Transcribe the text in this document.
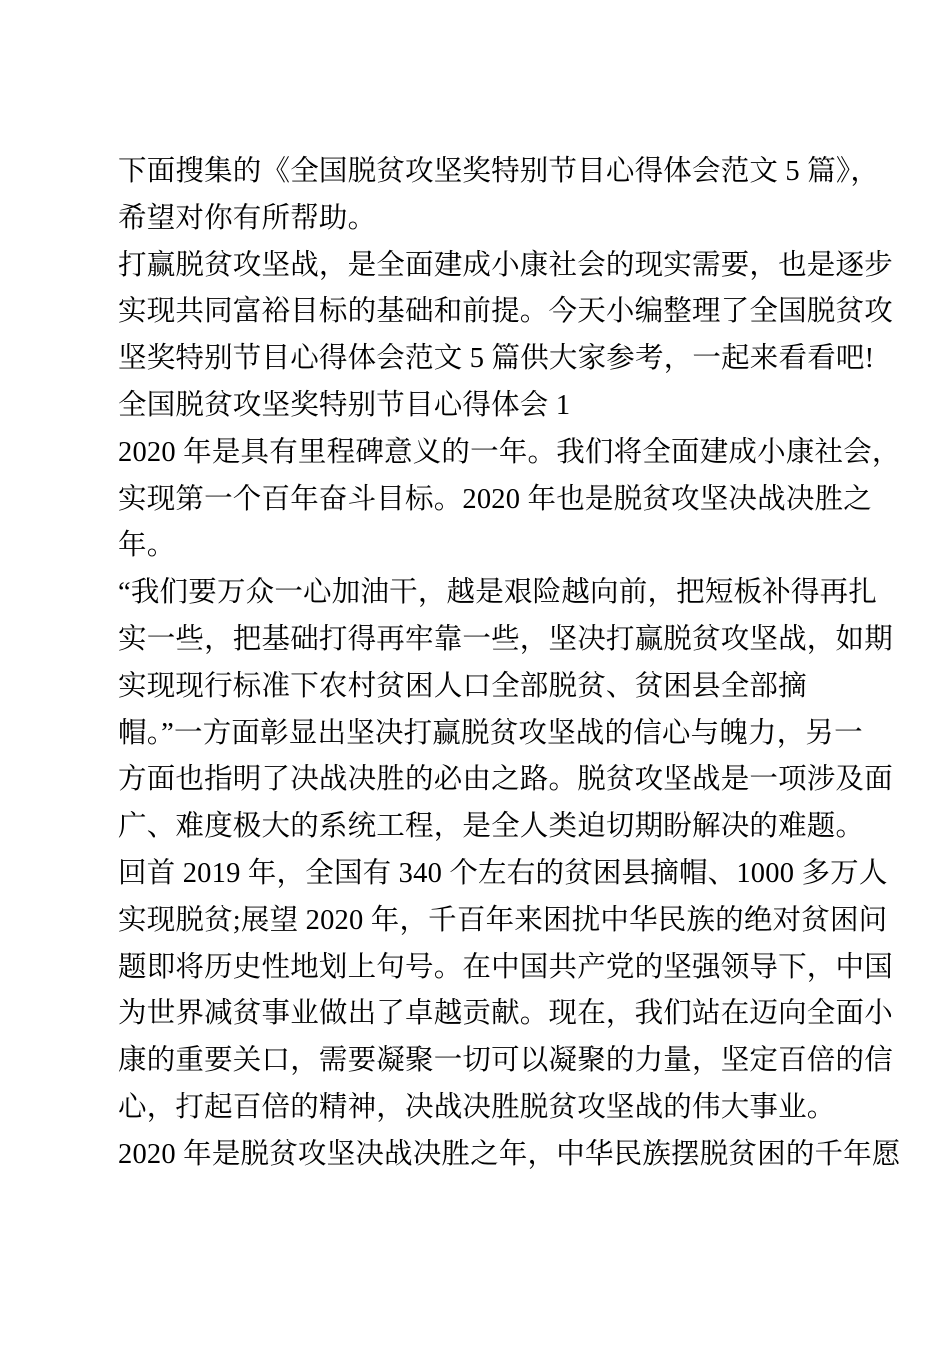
下面搜集的《全国脱贫攻坚奖特别节目心得体会范文 5 篇》，
希望对你有所帮助。

打赢脱贫攻坚战，是全面建成小康社会的现实需要，也是逐步
实现共同富裕目标的基础和前提。今天小编整理了全国脱贫攻
坚奖特别节目心得体会范文 5 篇供大家参考，一起来看看吧!

全国脱贫攻坚奖特别节目心得体会 1

2020 年是具有里程碑意义的一年。我们将全面建成小康社会，
实现第一个百年奋斗目标。2020 年也是脱贫攻坚决战决胜之
年。

“我们要万众一心加油干，越是艰险越向前，把短板补得再扎
实一些，把基础打得再牢靠一些，坚决打赢脱贫攻坚战，如期
实现现行标准下农村贫困人口全部脱贫、贫困县全部摘
帽。”一方面彰显出坚决打赢脱贫攻坚战的信心与魄力，另一
方面也指明了决战决胜的必由之路。脱贫攻坚战是一项涉及面
广、难度极大的系统工程，是全人类迫切期盼解决的难题。

回首 2019 年，全国有 340 个左右的贫困县摘帽、1000 多万人
实现脱贫;展望 2020 年，千百年来困扰中华民族的绝对贫困问
题即将历史性地划上句号。在中国共产党的坚强领导下，中国
为世界减贫事业做出了卓越贡献。现在，我们站在迈向全面小
康的重要关口，需要凝聚一切可以凝聚的力量，坚定百倍的信
心，打起百倍的精神，决战决胜脱贫攻坚战的伟大事业。

2020 年是脱贫攻坚决战决胜之年，中华民族摆脱贫困的千年愿
